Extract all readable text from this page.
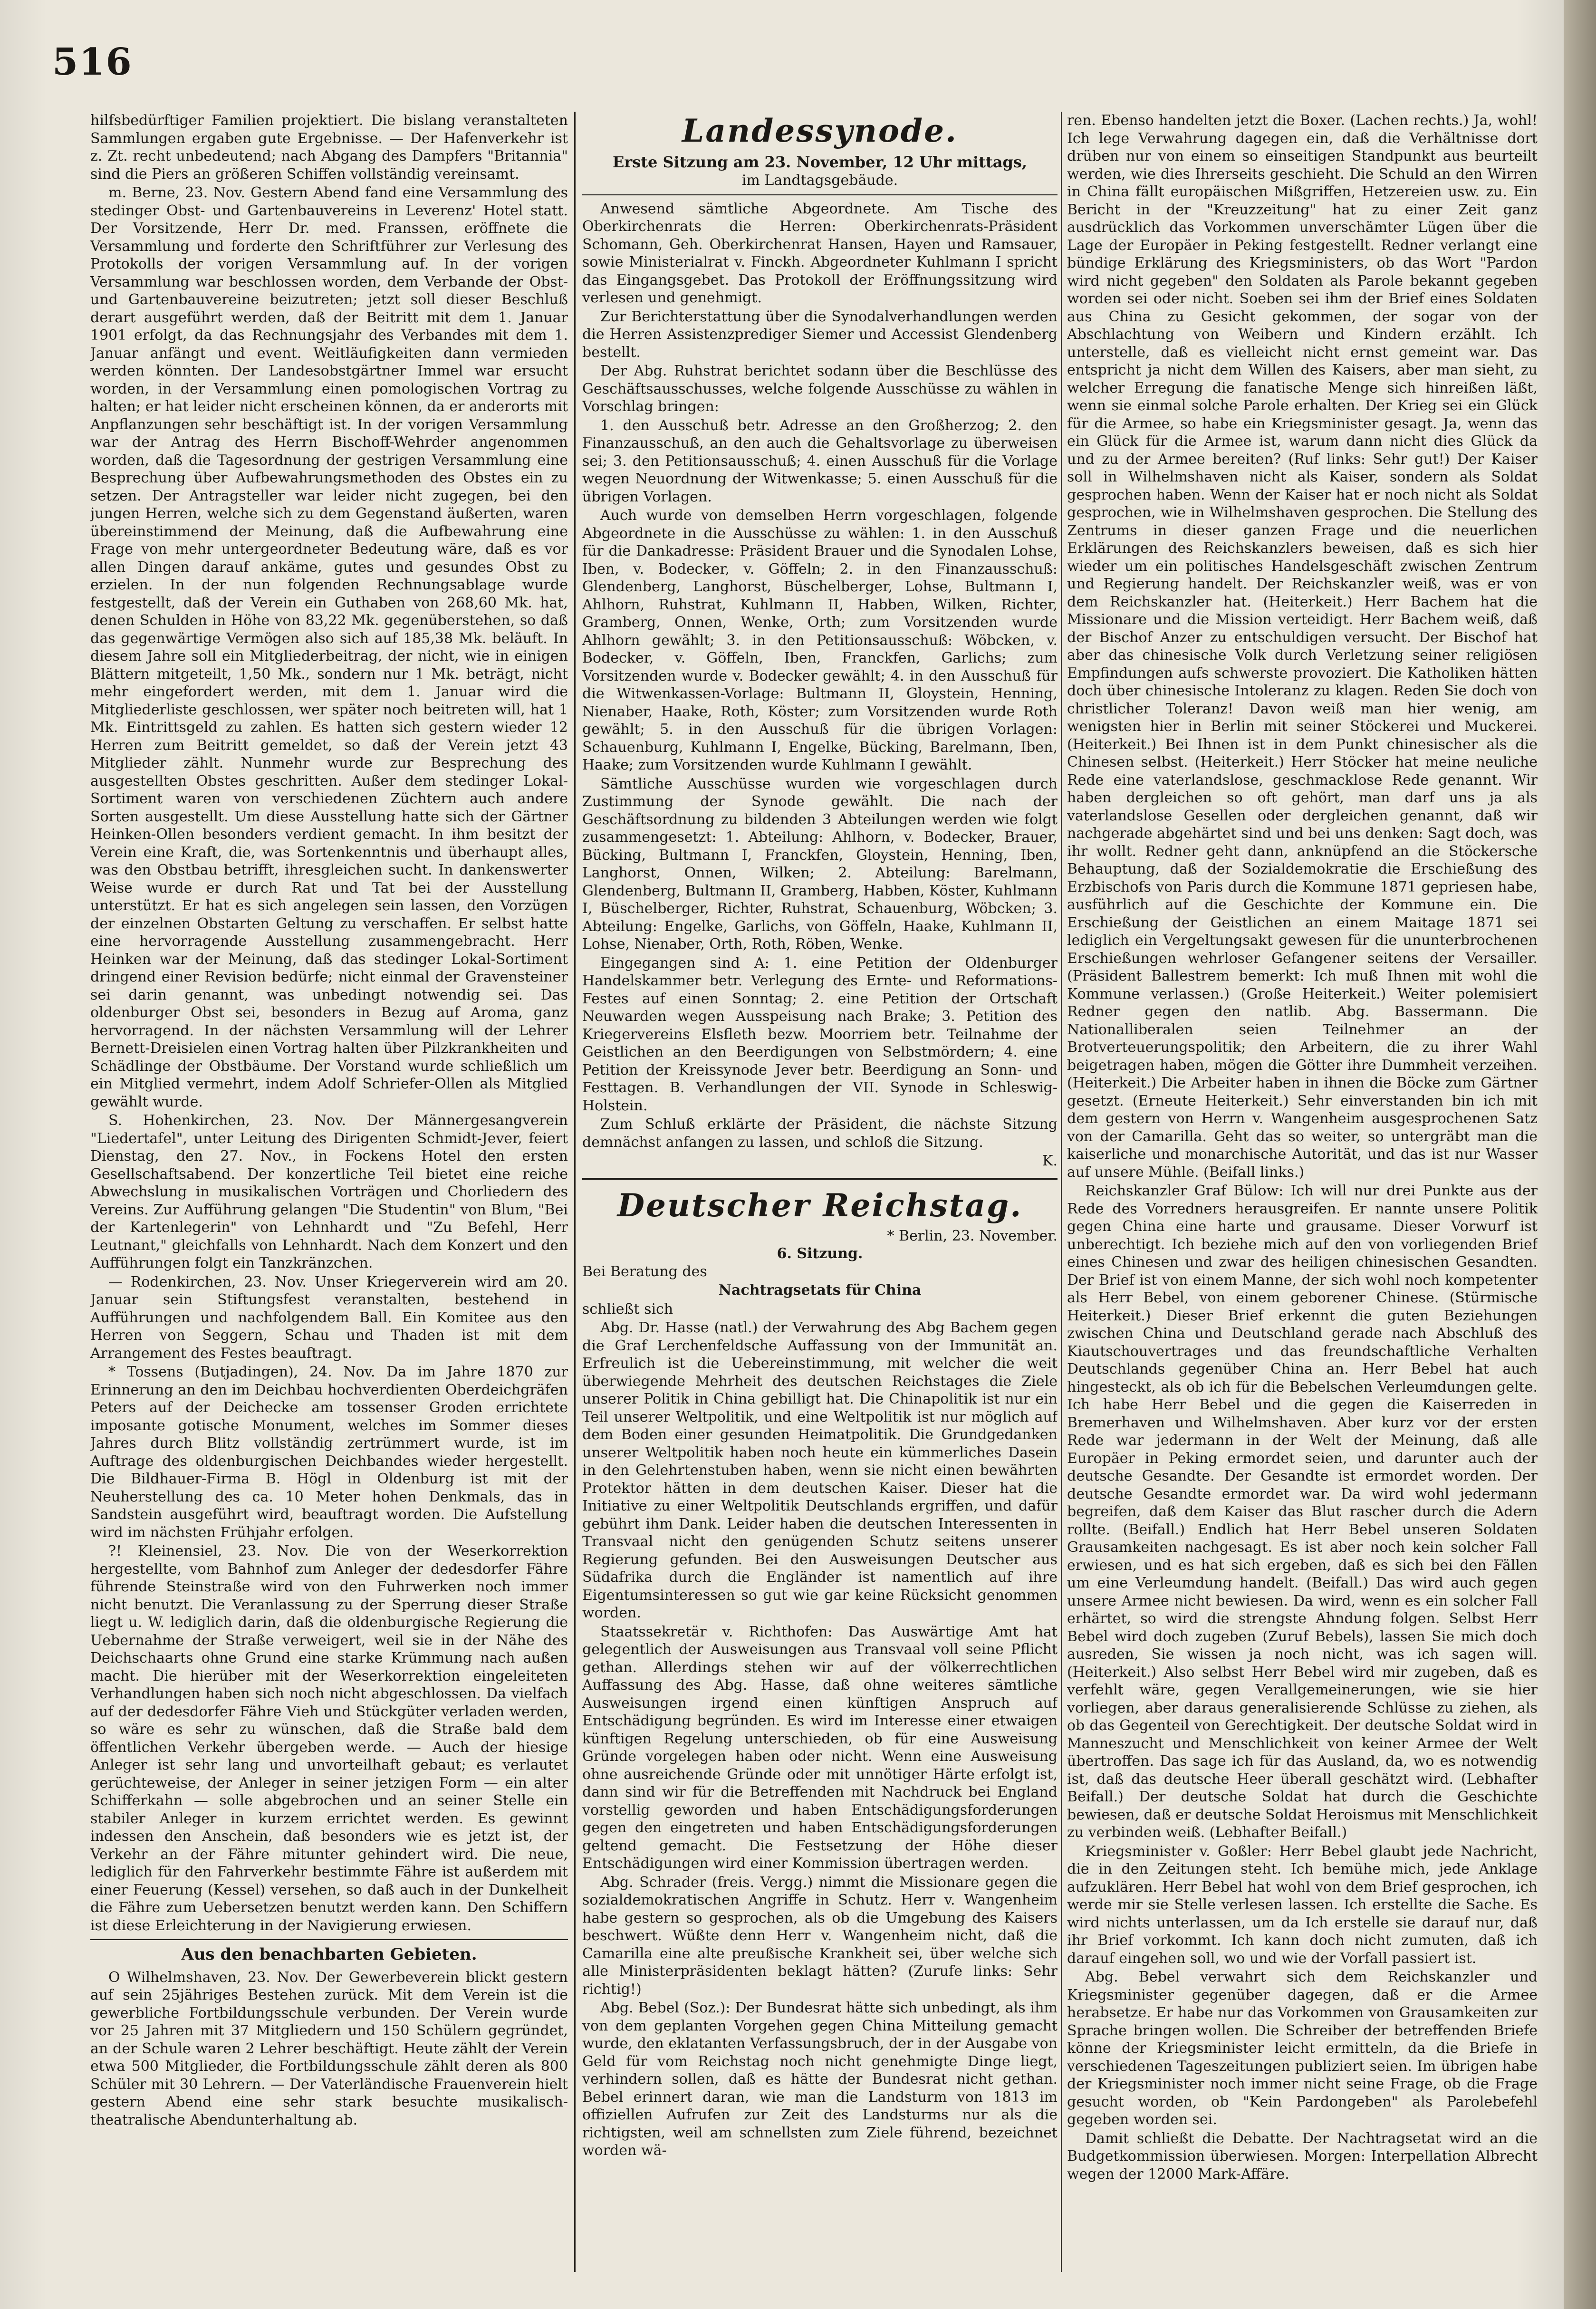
516

hilfsbedürftiger Familien projektiert. Die bislang veranstalteten Sammlungen ergaben gute Ergebnisse. — Der Hafenverkehr ist z. Zt. recht unbedeutend; nach Abgang des Dampfers "Britannia" sind die Piers an größeren Schiffen vollständig vereinsamt.

m. Berne, 23. Nov. Gestern Abend fand eine Versammlung des stedinger Obst- und Gartenbauvereins in Leverenz' Hotel statt. Der Vorsitzende, Herr Dr. med. Franssen, eröffnete die Versammlung und forderte den Schriftführer zur Verlesung des Protokolls der vorigen Versammlung auf. In der vorigen Versammlung war beschlossen worden, dem Verbande der Obst- und Gartenbauvereine beizutreten; jetzt soll dieser Beschluß derart ausgeführt werden, daß der Beitritt mit dem 1. Januar 1901 erfolgt, da das Rechnungsjahr des Verbandes mit dem 1. Januar anfängt und event. Weitläufigkeiten dann vermieden werden könnten. Der Landesobstgärtner Immel war ersucht worden, in der Versammlung einen pomologischen Vortrag zu halten; er hat leider nicht erscheinen können, da er anderorts mit Anpflanzungen sehr beschäftigt ist. In der vorigen Versammlung war der Antrag des Herrn Bischoff-Wehrder angenommen worden, daß die Tagesordnung der gestrigen Versammlung eine Besprechung über Aufbewahrungsmethoden des Obstes ein zu setzen. Der Antragsteller war leider nicht zugegen, bei den jungen Herren, welche sich zu dem Gegenstand äußerten, waren übereinstimmend der Meinung, daß die Aufbewahrung eine Frage von mehr untergeordneter Bedeutung wäre, daß es vor allen Dingen darauf ankäme, gutes und gesundes Obst zu erzielen. In der nun folgenden Rechnungsablage wurde festgestellt, daß der Verein ein Guthaben von 268,60 Mk. hat, denen Schulden in Höhe von 83,22 Mk. gegenüberstehen, so daß das gegenwärtige Vermögen also sich auf 185,38 Mk. beläuft. In diesem Jahre soll ein Mitgliederbeitrag, der nicht, wie in einigen Blättern mitgeteilt, 1,50 Mk., sondern nur 1 Mk. beträgt, nicht mehr eingefordert werden, mit dem 1. Januar wird die Mitgliederliste geschlossen, wer später noch beitreten will, hat 1 Mk. Eintrittsgeld zu zahlen. Es hatten sich gestern wieder 12 Herren zum Beitritt gemeldet, so daß der Verein jetzt 43 Mitglieder zählt. Nunmehr wurde zur Besprechung des ausgestellten Obstes geschritten. Außer dem stedinger Lokal-Sortiment waren von verschiedenen Züchtern auch andere Sorten ausgestellt. Um diese Ausstellung hatte sich der Gärtner Heinken-Ollen besonders verdient gemacht. In ihm besitzt der Verein eine Kraft, die, was Sortenkenntnis und überhaupt alles, was den Obstbau betrifft, ihresgleichen sucht. In dankenswerter Weise wurde er durch Rat und Tat bei der Ausstellung unterstützt. Er hat es sich angelegen sein lassen, den Vorzügen der einzelnen Obstarten Geltung zu verschaffen. Er selbst hatte eine hervorragende Ausstellung zusammengebracht. Herr Heinken war der Meinung, daß das stedinger Lokal-Sortiment dringend einer Revision bedürfe; nicht einmal der Gravensteiner sei darin genannt, was unbedingt notwendig sei. Das oldenburger Obst sei, besonders in Bezug auf Aroma, ganz hervorragend. In der nächsten Versammlung will der Lehrer Bernett-Dreisielen einen Vortrag halten über Pilzkrankheiten und Schädlinge der Obstbäume. Der Vorstand wurde schließlich um ein Mitglied vermehrt, indem Adolf Schriefer-Ollen als Mitglied gewählt wurde.

S. Hohenkirchen, 23. Nov. Der Männergesangverein "Liedertafel", unter Leitung des Dirigenten Schmidt-Jever, feiert Dienstag, den 27. Nov., in Fockens Hotel den ersten Gesellschaftsabend. Der konzertliche Teil bietet eine reiche Abwechslung in musikalischen Vorträgen und Chorliedern des Vereins. Zur Aufführung gelangen "Die Studentin" von Blum, "Bei der Kartenlegerin" von Lehnhardt und "Zu Befehl, Herr Leutnant," gleichfalls von Lehnhardt. Nach dem Konzert und den Aufführungen folgt ein Tanzkränzchen.

— Rodenkirchen, 23. Nov. Unser Kriegerverein wird am 20. Januar sein Stiftungsfest veranstalten, bestehend in Aufführungen und nachfolgendem Ball. Ein Komitee aus den Herren von Seggern, Schau und Thaden ist mit dem Arrangement des Festes beauftragt.

* Tossens (Butjadingen), 24. Nov. Da im Jahre 1870 zur Erinnerung an den im Deichbau hochverdienten Oberdeichgräfen Peters auf der Deichecke am tossenser Groden errichtete imposante gotische Monument, welches im Sommer dieses Jahres durch Blitz vollständig zertrümmert wurde, ist im Auftrage des oldenburgischen Deichbandes wieder hergestellt. Die Bildhauer-Firma B. Högl in Oldenburg ist mit der Neuherstellung des ca. 10 Meter hohen Denkmals, das in Sandstein ausgeführt wird, beauftragt worden. Die Aufstellung wird im nächsten Frühjahr erfolgen.

?! Kleinensiel, 23. Nov. Die von der Weserkorrektion hergestellte, vom Bahnhof zum Anleger der dedesdorfer Fähre führende Steinstraße wird von den Fuhrwerken noch immer nicht benutzt. Die Veranlassung zu der Sperrung dieser Straße liegt u. W. lediglich darin, daß die oldenburgische Regierung die Uebernahme der Straße verweigert, weil sie in der Nähe des Deichschaarts ohne Grund eine starke Krümmung nach außen macht. Die hierüber mit der Weserkorrektion eingeleiteten Verhandlungen haben sich noch nicht abgeschlossen. Da vielfach auf der dedesdorfer Fähre Vieh und Stückgüter verladen werden, so wäre es sehr zu wünschen, daß die Straße bald dem öffentlichen Verkehr übergeben werde. — Auch der hiesige Anleger ist sehr lang und unvorteilhaft gebaut; es verlautet gerüchteweise, der Anleger in seiner jetzigen Form — ein alter Schifferkahn — solle abgebrochen und an seiner Stelle ein stabiler Anleger in kurzem errichtet werden. Es gewinnt indessen den Anschein, daß besonders wie es jetzt ist, der Verkehr an der Fähre mitunter gehindert wird. Die neue, lediglich für den Fahrverkehr bestimmte Fähre ist außerdem mit einer Feuerung (Kessel) versehen, so daß auch in der Dunkelheit die Fähre zum Uebersetzen benutzt werden kann. Den Schiffern ist diese Erleichterung in der Navigierung erwiesen.

Aus den benachbarten Gebieten.

O Wilhelmshaven, 23. Nov. Der Gewerbeverein blickt gestern auf sein 25jähriges Bestehen zurück. Mit dem Verein ist die gewerbliche Fortbildungsschule verbunden. Der Verein wurde vor 25 Jahren mit 37 Mitgliedern und 150 Schülern gegründet, an der Schule waren 2 Lehrer beschäftigt. Heute zählt der Verein etwa 500 Mitglieder, die Fortbildungsschule zählt deren als 800 Schüler mit 30 Lehrern. — Der Vaterländische Frauenverein hielt gestern Abend eine sehr stark besuchte musikalisch-theatralische Abendunterhaltung ab.

Landessynode.
Erste Sitzung am 23. November, 12 Uhr mittags,
im Landtagsgebäude.

Anwesend sämtliche Abgeordnete. Am Tische des Oberkirchenrats die Herren: Oberkirchenrats-Präsident Schomann, Geh. Oberkirchenrat Hansen, Hayen und Ramsauer, sowie Ministerialrat v. Finckh. Abgeordneter Kuhlmann I spricht das Eingangsgebet. Das Protokoll der Eröffnungssitzung wird verlesen und genehmigt.

Zur Berichterstattung über die Synodalverhandlungen werden die Herren Assistenzprediger Siemer und Accessist Glendenberg bestellt.

Der Abg. Ruhstrat berichtet sodann über die Beschlüsse des Geschäftsausschusses, welche folgende Ausschüsse zu wählen in Vorschlag bringen:

1. den Ausschuß betr. Adresse an den Großherzog; 2. den Finanzausschuß, an den auch die Gehaltsvorlage zu überweisen sei; 3. den Petitionsausschuß; 4. einen Ausschuß für die Vorlage wegen Neuordnung der Witwenkasse; 5. einen Ausschuß für die übrigen Vorlagen.

Auch wurde von demselben Herrn vorgeschlagen, folgende Abgeordnete in die Ausschüsse zu wählen: 1. in den Ausschuß für die Dankadresse: Präsident Brauer und die Synodalen Lohse, Iben, v. Bodecker, v. Göffeln; 2. in den Finanzausschuß: Glendenberg, Langhorst, Büschelberger, Lohse, Bultmann I, Ahlhorn, Ruhstrat, Kuhlmann II, Habben, Wilken, Richter, Gramberg, Onnen, Wenke, Orth; zum Vorsitzenden wurde Ahlhorn gewählt; 3. in den Petitionsausschuß: Wöbcken, v. Bodecker, v. Göffeln, Iben, Franckfen, Garlichs; zum Vorsitzenden wurde v. Bodecker gewählt; 4. in den Ausschuß für die Witwenkassen-Vorlage: Bultmann II, Gloystein, Henning, Nienaber, Haake, Roth, Köster; zum Vorsitzenden wurde Roth gewählt; 5. in den Ausschuß für die übrigen Vorlagen: Schauenburg, Kuhlmann I, Engelke, Bücking, Barelmann, Iben, Haake; zum Vorsitzenden wurde Kuhlmann I gewählt.

Sämtliche Ausschüsse wurden wie vorgeschlagen durch Zustimmung der Synode gewählt. Die nach der Geschäftsordnung zu bildenden 3 Abteilungen werden wie folgt zusammengesetzt: 1. Abteilung: Ahlhorn, v. Bodecker, Brauer, Bücking, Bultmann I, Franckfen, Gloystein, Henning, Iben, Langhorst, Onnen, Wilken; 2. Abteilung: Barelmann, Glendenberg, Bultmann II, Gramberg, Habben, Köster, Kuhlmann I, Büschelberger, Richter, Ruhstrat, Schauenburg, Wöbcken; 3. Abteilung: Engelke, Garlichs, von Göffeln, Haake, Kuhlmann II, Lohse, Nienaber, Orth, Roth, Röben, Wenke.

Eingegangen sind A: 1. eine Petition der Oldenburger Handelskammer betr. Verlegung des Ernte- und Reformations-Festes auf einen Sonntag; 2. eine Petition der Ortschaft Neuwarden wegen Ausspeisung nach Brake; 3. Petition des Kriegervereins Elsfleth bezw. Moorriem betr. Teilnahme der Geistlichen an den Beerdigungen von Selbstmördern; 4. eine Petition der Kreissynode Jever betr. Beerdigung an Sonn- und Festtagen. B. Verhandlungen der VII. Synode in Schleswig-Holstein.

Zum Schluß erklärte der Präsident, die nächste Sitzung demnächst anfangen zu lassen, und schloß die Sitzung.

K.
Deutscher Reichstag.
* Berlin, 23. November.
6. Sitzung.

Bei Beratung des

Nachtragsetats für China

schließt sich

Abg. Dr. Hasse (natl.) der Verwahrung des Abg Bachem gegen die Graf Lerchenfeldsche Auffassung von der Immunität an. Erfreulich ist die Uebereinstimmung, mit welcher die weit überwiegende Mehrheit des deutschen Reichstages die Ziele unserer Politik in China gebilligt hat. Die Chinapolitik ist nur ein Teil unserer Weltpolitik, und eine Weltpolitik ist nur möglich auf dem Boden einer gesunden Heimatpolitik. Die Grundgedanken unserer Weltpolitik haben noch heute ein kümmerliches Dasein in den Gelehrtenstuben haben, wenn sie nicht einen bewährten Protektor hätten in dem deutschen Kaiser. Dieser hat die Initiative zu einer Weltpolitik Deutschlands ergriffen, und dafür gebührt ihm Dank. Leider haben die deutschen Interessenten in Transvaal nicht den genügenden Schutz seitens unserer Regierung gefunden. Bei den Ausweisungen Deutscher aus Südafrika durch die Engländer ist namentlich auf ihre Eigentumsinteressen so gut wie gar keine Rücksicht genommen worden.

Staatssekretär v. Richthofen: Das Auswärtige Amt hat gelegentlich der Ausweisungen aus Transvaal voll seine Pflicht gethan. Allerdings stehen wir auf der völkerrechtlichen Auffassung des Abg. Hasse, daß ohne weiteres sämtliche Ausweisungen irgend einen künftigen Anspruch auf Entschädigung begründen. Es wird im Interesse einer etwaigen künftigen Regelung unterschieden, ob für eine Ausweisung Gründe vorgelegen haben oder nicht. Wenn eine Ausweisung ohne ausreichende Gründe oder mit unnötiger Härte erfolgt ist, dann sind wir für die Betreffenden mit Nachdruck bei England vorstellig geworden und haben Entschädigungsforderungen gegen den eingetreten und haben Entschädigungsforderungen geltend gemacht. Die Festsetzung der Höhe dieser Entschädigungen wird einer Kommission übertragen werden.

Abg. Schrader (freis. Vergg.) nimmt die Missionare gegen die sozialdemokratischen Angriffe in Schutz. Herr v. Wangenheim habe gestern so gesprochen, als ob die Umgebung des Kaisers beschwert. Wüßte denn Herr v. Wangenheim nicht, daß die Camarilla eine alte preußische Krankheit sei, über welche sich alle Ministerpräsidenten beklagt hätten? (Zurufe links: Sehr richtig!)

Abg. Bebel (Soz.): Der Bundesrat hätte sich unbedingt, als ihm von dem geplanten Vorgehen gegen China Mitteilung gemacht wurde, den eklatanten Verfassungsbruch, der in der Ausgabe von Geld für vom Reichstag noch nicht genehmigte Dinge liegt, verhindern sollen, daß es hätte der Bundesrat nicht gethan. Bebel erinnert daran, wie man die Landsturm von 1813 im offiziellen Aufrufen zur Zeit des Landsturms nur als die richtigsten, weil am schnellsten zum Ziele führend, bezeichnet worden wä-

ren. Ebenso handelten jetzt die Boxer. (Lachen rechts.) Ja, wohl! Ich lege Verwahrung dagegen ein, daß die Verhältnisse dort drüben nur von einem so einseitigen Standpunkt aus beurteilt werden, wie dies Ihrerseits geschieht. Die Schuld an den Wirren in China fällt europäischen Mißgriffen, Hetzereien usw. zu. Ein Bericht in der "Kreuzzeitung" hat zu einer Zeit ganz ausdrücklich das Vorkommen unverschämter Lügen über die Lage der Europäer in Peking festgestellt. Redner verlangt eine bündige Erklärung des Kriegsministers, ob das Wort "Pardon wird nicht gegeben" den Soldaten als Parole bekannt gegeben worden sei oder nicht. Soeben sei ihm der Brief eines Soldaten aus China zu Gesicht gekommen, der sogar von der Abschlachtung von Weibern und Kindern erzählt. Ich unterstelle, daß es vielleicht nicht ernst gemeint war. Das entspricht ja nicht dem Willen des Kaisers, aber man sieht, zu welcher Erregung die fanatische Menge sich hinreißen läßt, wenn sie einmal solche Parole erhalten. Der Krieg sei ein Glück für die Armee, so habe ein Kriegsminister gesagt. Ja, wenn das ein Glück für die Armee ist, warum dann nicht dies Glück da und zu der Armee bereiten? (Ruf links: Sehr gut!) Der Kaiser soll in Wilhelmshaven nicht als Kaiser, sondern als Soldat gesprochen haben. Wenn der Kaiser hat er noch nicht als Soldat gesprochen, wie in Wilhelmshaven gesprochen. Die Stellung des Zentrums in dieser ganzen Frage und die neuerlichen Erklärungen des Reichskanzlers beweisen, daß es sich hier wieder um ein politisches Handelsgeschäft zwischen Zentrum und Regierung handelt. Der Reichskanzler weiß, was er von dem Reichskanzler hat. (Heiterkeit.) Herr Bachem hat die Missionare und die Mission verteidigt. Herr Bachem weiß, daß der Bischof Anzer zu entschuldigen versucht. Der Bischof hat aber das chinesische Volk durch Verletzung seiner religiösen Empfindungen aufs schwerste provoziert. Die Katholiken hätten doch über chinesische Intoleranz zu klagen. Reden Sie doch von christlicher Toleranz! Davon weiß man hier wenig, am wenigsten hier in Berlin mit seiner Stöckerei und Muckerei. (Heiterkeit.) Bei Ihnen ist in dem Punkt chinesischer als die Chinesen selbst. (Heiterkeit.) Herr Stöcker hat meine neuliche Rede eine vaterlandslose, geschmacklose Rede genannt. Wir haben dergleichen so oft gehört, man darf uns ja als vaterlandslose Gesellen oder dergleichen genannt, daß wir nachgerade abgehärtet sind und bei uns denken: Sagt doch, was ihr wollt. Redner geht dann, anknüpfend an die Stöckersche Behauptung, daß der Sozialdemokratie die Erschießung des Erzbischofs von Paris durch die Kommune 1871 gepriesen habe, ausführlich auf die Geschichte der Kommune ein. Die Erschießung der Geistlichen an einem Maitage 1871 sei lediglich ein Vergeltungsakt gewesen für die ununterbrochenen Erschießungen wehrloser Gefangener seitens der Versailler. (Präsident Ballestrem bemerkt: Ich muß Ihnen mit wohl die Kommune verlassen.) (Große Heiterkeit.) Weiter polemisiert Redner gegen den natlib. Abg. Bassermann. Die Nationalliberalen seien Teilnehmer an der Brotverteuerungspolitik; den Arbeitern, die zu ihrer Wahl beigetragen haben, mögen die Götter ihre Dummheit verzeihen. (Heiterkeit.) Die Arbeiter haben in ihnen die Böcke zum Gärtner gesetzt. (Erneute Heiterkeit.) Sehr einverstanden bin ich mit dem gestern von Herrn v. Wangenheim ausgesprochenen Satz von der Camarilla. Geht das so weiter, so untergräbt man die kaiserliche und monarchische Autorität, und das ist nur Wasser auf unsere Mühle. (Beifall links.)

Reichskanzler Graf Bülow: Ich will nur drei Punkte aus der Rede des Vorredners herausgreifen. Er nannte unsere Politik gegen China eine harte und grausame. Dieser Vorwurf ist unberechtigt. Ich beziehe mich auf den von vorliegenden Brief eines Chinesen und zwar des heiligen chinesischen Gesandten. Der Brief ist von einem Manne, der sich wohl noch kompetenter als Herr Bebel, von einem geborener Chinese. (Stürmische Heiterkeit.) Dieser Brief erkennt die guten Beziehungen zwischen China und Deutschland gerade nach Abschluß des Kiautschouvertrages und das freundschaftliche Verhalten Deutschlands gegenüber China an. Herr Bebel hat auch hingesteckt, als ob ich für die Bebelschen Verleumdungen gelte. Ich habe Herr Bebel und die gegen die Kaiserreden in Bremerhaven und Wilhelmshaven. Aber kurz vor der ersten Rede war jedermann in der Welt der Meinung, daß alle Europäer in Peking ermordet seien, und darunter auch der deutsche Gesandte. Der Gesandte ist ermordet worden. Der deutsche Gesandte ermordet war. Da wird wohl jedermann begreifen, daß dem Kaiser das Blut rascher durch die Adern rollte. (Beifall.) Endlich hat Herr Bebel unseren Soldaten Grausamkeiten nachgesagt. Es ist aber noch kein solcher Fall erwiesen, und es hat sich ergeben, daß es sich bei den Fällen um eine Verleumdung handelt. (Beifall.) Das wird auch gegen unsere Armee nicht bewiesen. Da wird, wenn es ein solcher Fall erhärtet, so wird die strengste Ahndung folgen. Selbst Herr Bebel wird doch zugeben (Zuruf Bebels), lassen Sie mich doch ausreden, Sie wissen ja noch nicht, was ich sagen will. (Heiterkeit.) Also selbst Herr Bebel wird mir zugeben, daß es verfehlt wäre, gegen Verallgemeinerungen, wie sie hier vorliegen, aber daraus generalisierende Schlüsse zu ziehen, als ob das Gegenteil von Gerechtigkeit. Der deutsche Soldat wird in Manneszucht und Menschlichkeit von keiner Armee der Welt übertroffen. Das sage ich für das Ausland, da, wo es notwendig ist, daß das deutsche Heer überall geschätzt wird. (Lebhafter Beifall.) Der deutsche Soldat hat durch die Geschichte bewiesen, daß er deutsche Soldat Heroismus mit Menschlichkeit zu verbinden weiß. (Lebhafter Beifall.)

Kriegsminister v. Goßler: Herr Bebel glaubt jede Nachricht, die in den Zeitungen steht. Ich bemühe mich, jede Anklage aufzuklären. Herr Bebel hat wohl von dem Brief gesprochen, ich werde mir sie Stelle verlesen lassen. Ich erstellte die Sache. Es wird nichts unterlassen, um da Ich erstelle sie darauf nur, daß ihr Brief vorkommt. Ich kann doch nicht zumuten, daß ich darauf eingehen soll, wo und wie der Vorfall passiert ist.

Abg. Bebel verwahrt sich dem Reichskanzler und Kriegsminister gegenüber dagegen, daß er die Armee herabsetze. Er habe nur das Vorkommen von Grausamkeiten zur Sprache bringen wollen. Die Schreiber der betreffenden Briefe könne der Kriegsminister leicht ermitteln, da die Briefe in verschiedenen Tageszeitungen publiziert seien. Im übrigen habe der Kriegsminister noch immer nicht seine Frage, ob die Frage gesucht worden, ob "Kein Pardongeben" als Parolebefehl gegeben worden sei.

Damit schließt die Debatte. Der Nachtragsetat wird an die Budgetkommission überwiesen. Morgen: Interpellation Albrecht wegen der 12000 Mark-Affäre.
